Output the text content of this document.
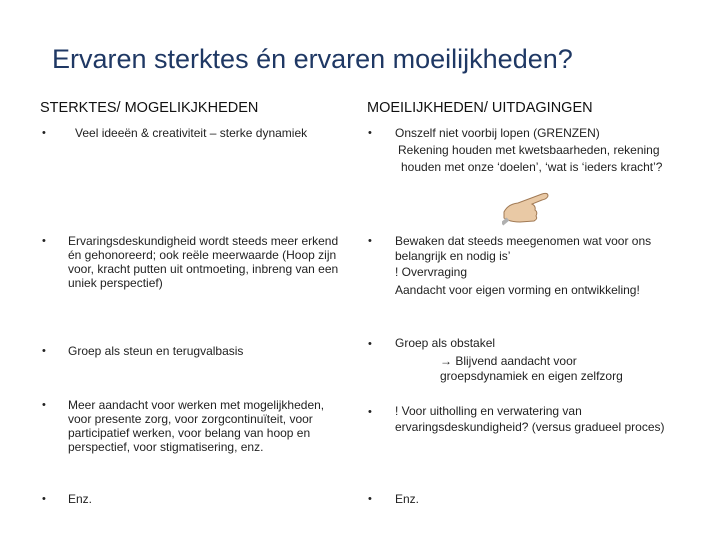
Ervaren sterktes én ervaren moeilijkheden?
STERKTES/ MOGELIKJKHEDEN
• Veel ideeën & creativiteit – sterke dynamiek
• Ervaringsdeskundigheid wordt steeds meer erkend én gehonoreerd; ook reële meerwaarde (Hoop zijn voor, kracht putten uit ontmoeting, inbreng van een uniek perspectief)
• Groep als steun en terugvalbasis
• Meer aandacht voor werken met mogelijkheden, voor presente zorg, voor zorgcontinuïteit, voor participatief werken, voor belang van hoop en perspectief, voor stigmatisering, enz.
• Enz.
MOEILIJKHEDEN/ UITDAGINGEN
• Onszelf niet voorbij lopen (GRENZEN)
Rekening houden met kwetsbaarheden, rekening
houden met onze ‘doelen’, ‘wat is ‘ieders kracht’?
• Bewaken dat steeds meegenomen wat voor ons
belangrijk en nodig is’
! Overvraging
Aandacht voor eigen vorming en ontwikkeling!
• Groep als obstakel
→ Blijvend aandacht voor
groepsdynamiek en eigen zelfzorg
• ! Voor uitholling en verwatering van
ervaringsdeskundigheid? (versus gradueel proces)
• Enz.
